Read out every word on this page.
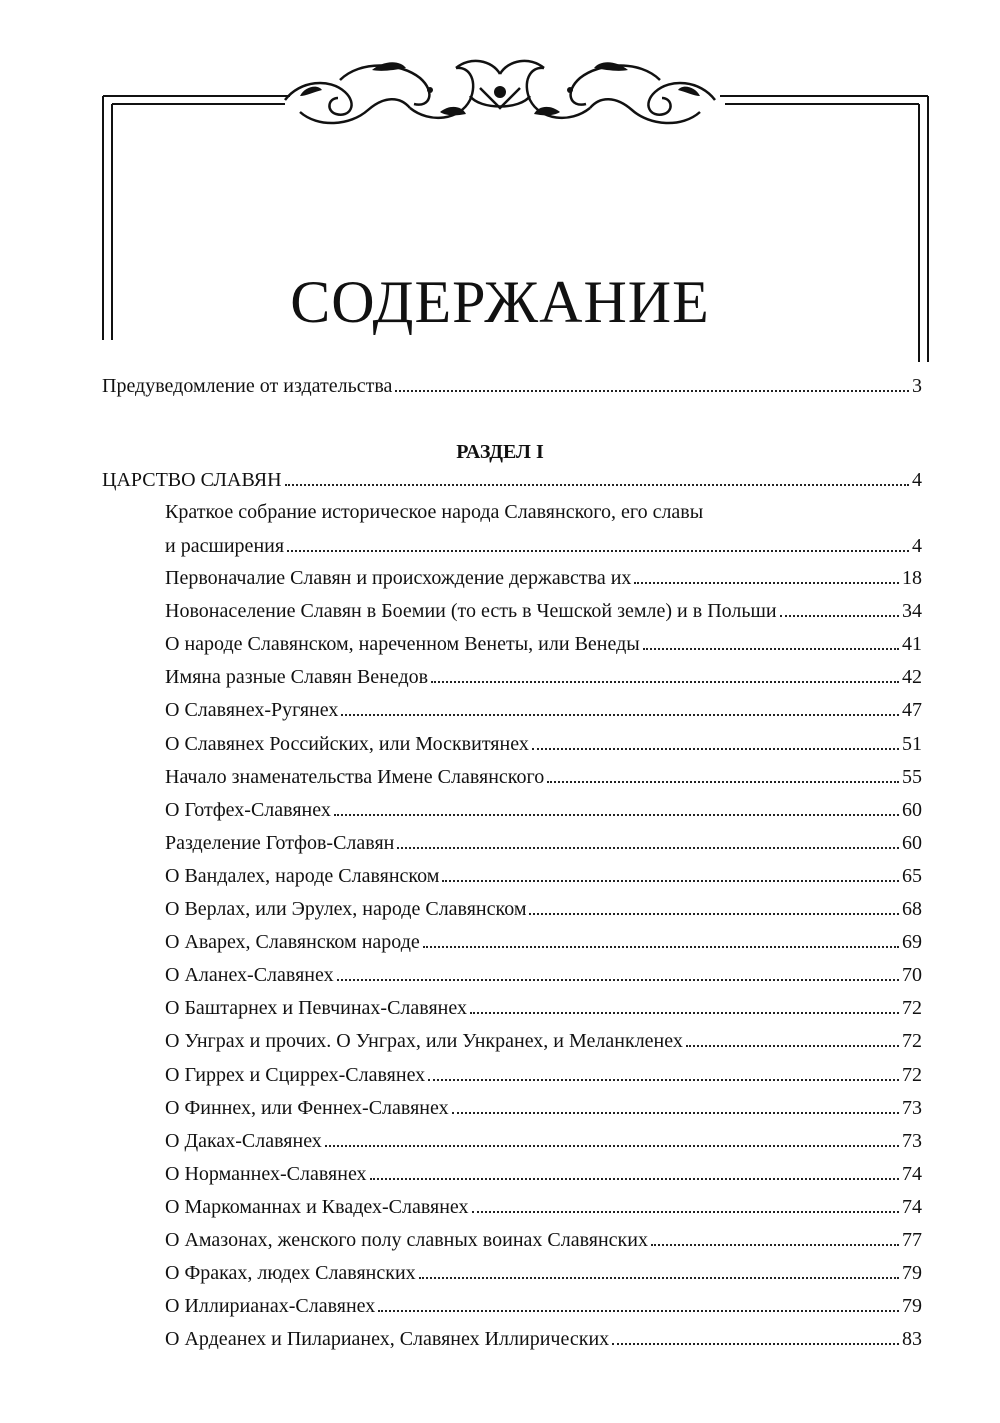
СОДЕРЖАНИЕ
Предуведомление от издательства	3
РАЗДЕЛ I
ЦАРСТВО СЛАВЯН	4
Краткое собрание историческое народа Славянского, его славы
и расширения	4
Первоначалие Славян и происхождение державства их	18
Новонаселение Славян в Боемии (то есть в Чешской земле) и в Польши	34
О народе Славянском, нареченном Венеты, или Венеды	41
Имяна разные Славян Венедов	42
О Славянех-Ругянех	47
О Славянех Российских, или Москвитянех	51
Начало знаменательства Имене Славянского	55
О Готфех-Славянех	60
Разделение Готфов-Славян	60
О Вандалех, народе Славянском	65
О Верлах, или Эрулех, народе Славянском	68
О Аварех, Славянском народе	69
О Аланех-Славянех	70
О Баштарнех и Певчинах-Славянех	72
О Унграх и прочих. О Унграх, или Ункранех, и Меланкленех	72
О Гиррех и Сциррех-Славянех	72
О Финнех, или Феннех-Славянех	73
О Даках-Славянех	73
О Норманнех-Славянех	74
О Маркоманнах и Квадех-Славянех	74
О Амазонах, женского полу славных воинах Славянских	77
О Фраках, людех Славянских	79
О Иллирианах-Славянех	79
О Ардеанех и Пиларианех, Славянех Иллирических	83
